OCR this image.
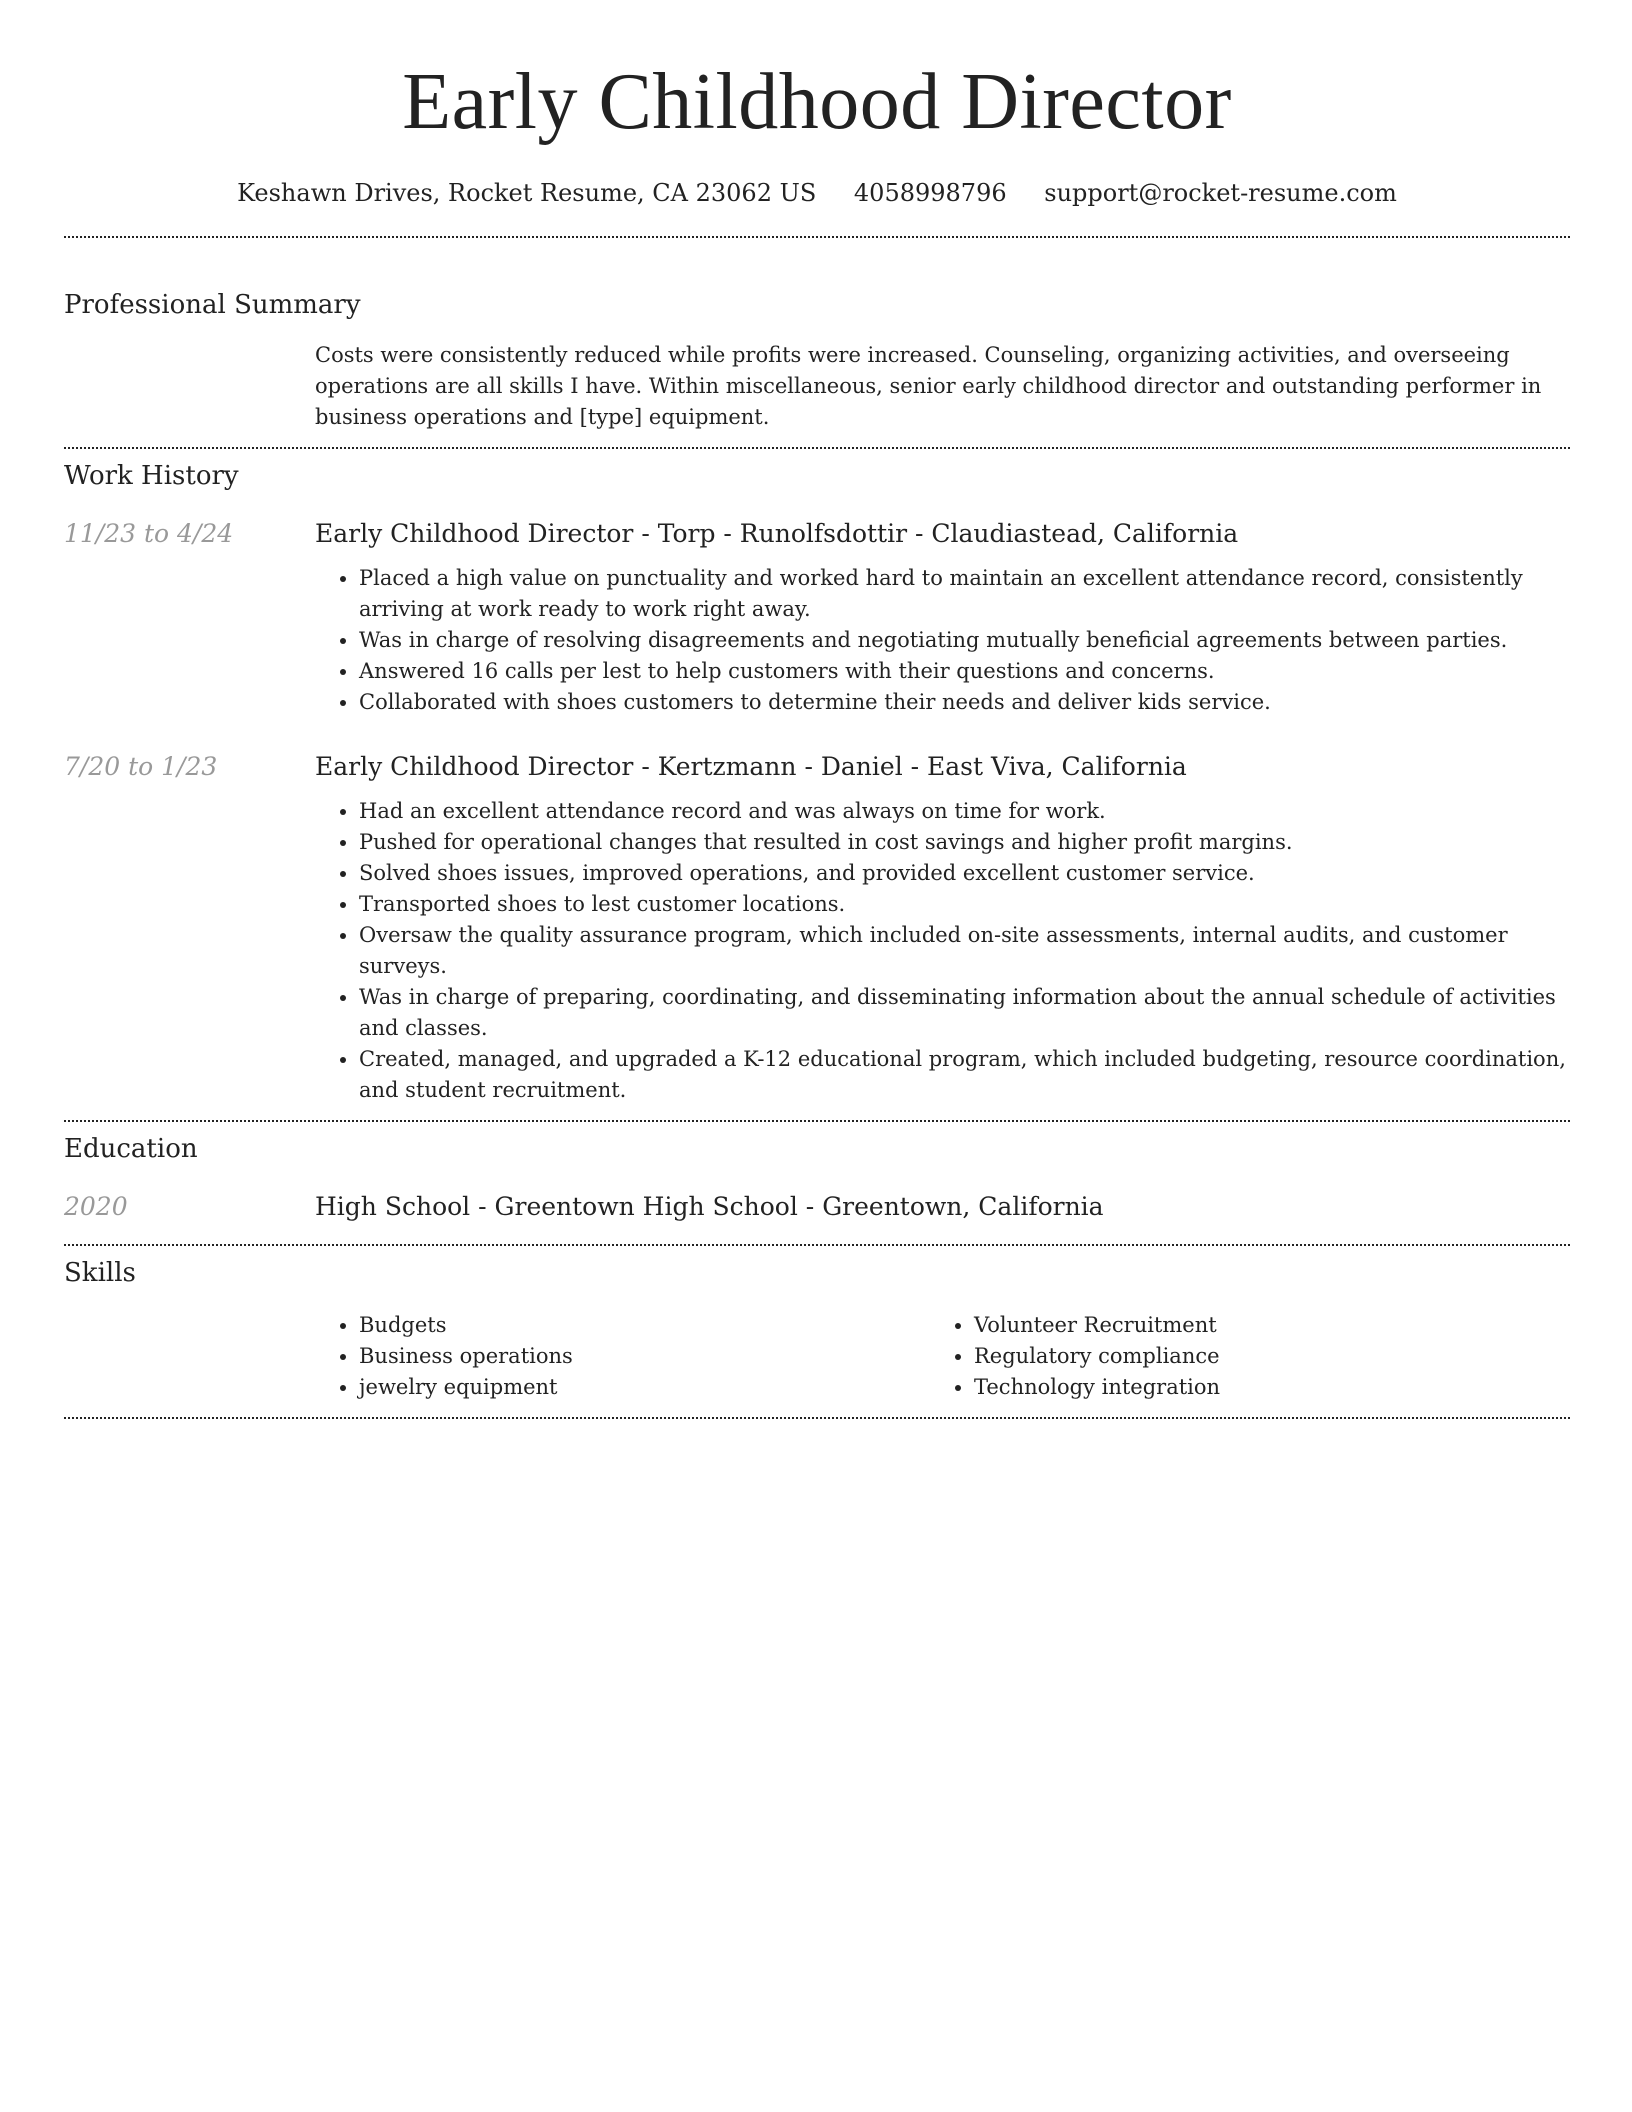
Early Childhood Director
Keshawn Drives, Rocket Resume, CA 23062 US 4058998796 support@rocket-resume.com
Professional Summary

Costs were consistently reduced while profits were increased. Counseling, organizing activities, and overseeing operations are all skills I have. Within miscellaneous, senior early childhood director and outstanding performer in business operations and [type] equipment.

Work History
11/23 to 4/24	Early Childhood Director - Torp - Runolfsdottir - Claudiastead, California
• Placed a high value on punctuality and worked hard to maintain an excellent attendance record, consistently arriving at work ready to work right away.
• Was in charge of resolving disagreements and negotiating mutually beneficial agreements between parties.
• Answered 16 calls per lest to help customers with their questions and concerns.
• Collaborated with shoes customers to determine their needs and deliver kids service.
7/20 to 1/23	Early Childhood Director - Kertzmann - Daniel - East Viva, California
• Had an excellent attendance record and was always on time for work.
• Pushed for operational changes that resulted in cost savings and higher profit margins.
• Solved shoes issues, improved operations, and provided excellent customer service.
• Transported shoes to lest customer locations.
• Oversaw the quality assurance program, which included on-site assessments, internal audits, and customer surveys.
• Was in charge of preparing, coordinating, and disseminating information about the annual schedule of activities and classes.
• Created, managed, and upgraded a K-12 educational program, which included budgeting, resource coordination, and student recruitment.
Education
2020	High School - Greentown High School - Greentown, California
Skills
• Budgets
• Business operations
• jewelry equipment
• Volunteer Recruitment
• Regulatory compliance
• Technology integration
